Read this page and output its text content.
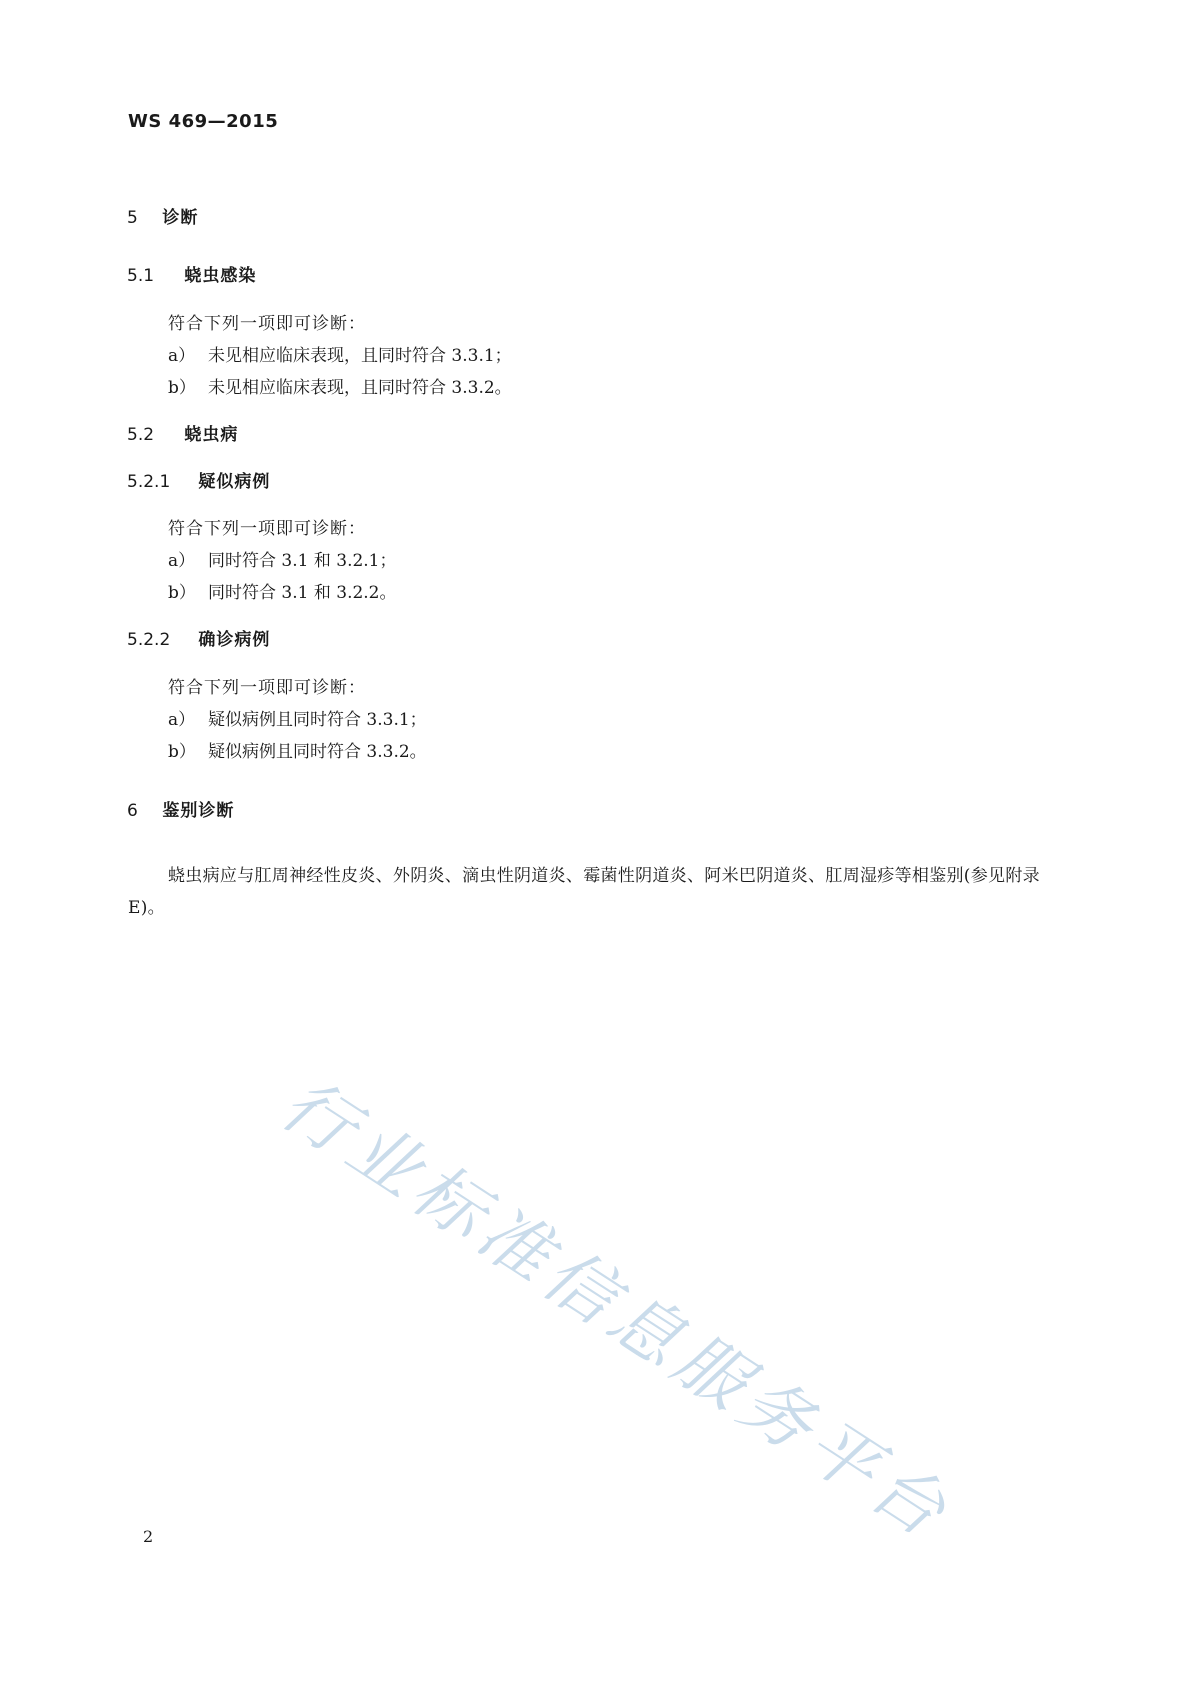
WS 469—2015
5 诊断
5.1 蛲虫感染
符合下列一项即可诊断：
a） 未见相应临床表现，且同时符合 3.3.1；
b） 未见相应临床表现，且同时符合 3.3.2。
5.2 蛲虫病
5.2.1 疑似病例
符合下列一项即可诊断：
a） 同时符合 3.1 和 3.2.1；
b） 同时符合 3.1 和 3.2.2。
5.2.2 确诊病例
符合下列一项即可诊断：
a） 疑似病例且同时符合 3.3.1；
b） 疑似病例且同时符合 3.3.2。
6 鉴别诊断
蛲虫病应与肛周神经性皮炎、外阴炎、滴虫性阴道炎、霉菌性阴道炎、阿米巴阴道炎、肛周湿疹等相鉴别(参见附录 E)。
行业标准信息服务平台
2
